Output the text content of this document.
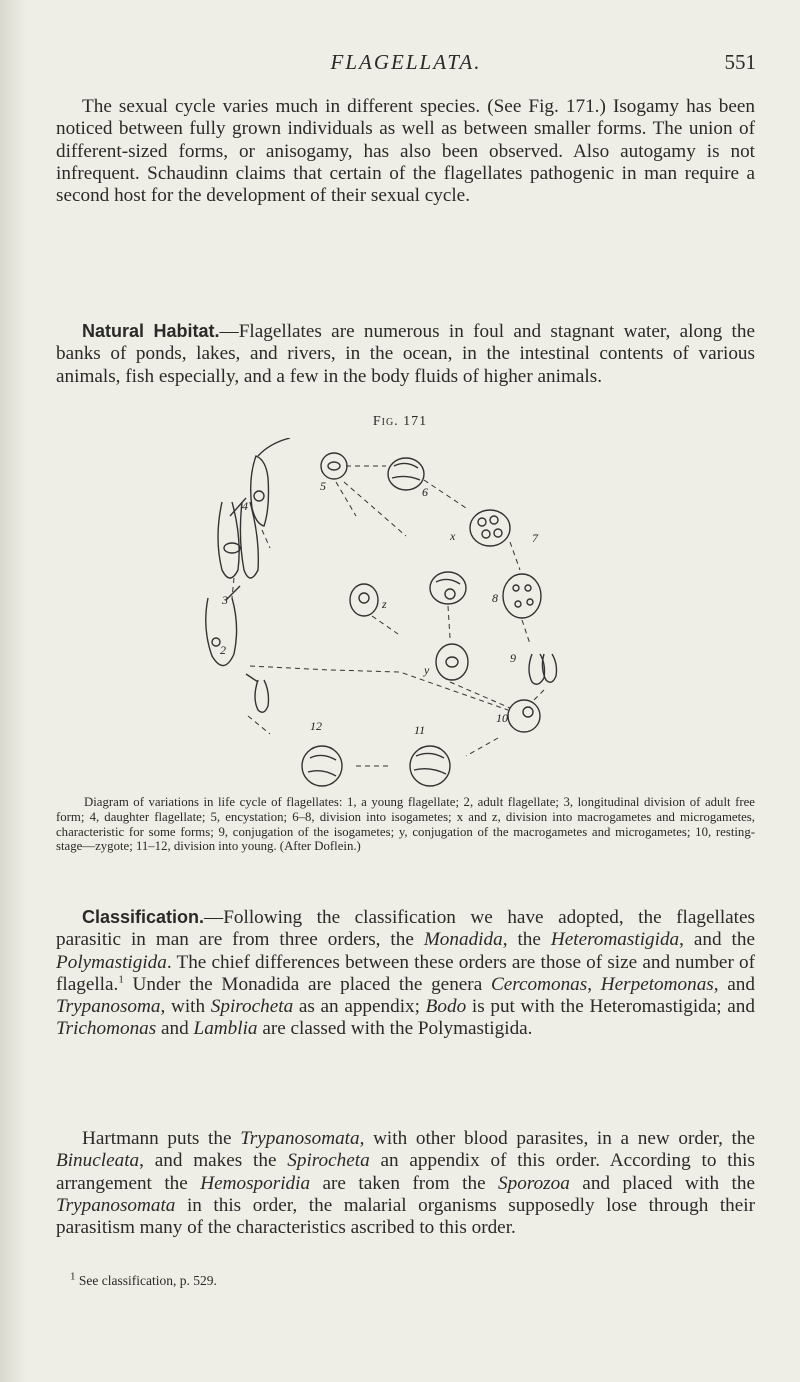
FLAGELLATA.	551

The sexual cycle varies much in different species. (See Fig. 171.) Isogamy has been noticed between fully grown individuals as well as between smaller forms. The union of different-sized forms, or anisogamy, has also been observed. Also autogamy is not infrequent. Schaudinn claims that certain of the flagellates pathogenic in man require a second host for the development of their sexual cycle.

Natural Habitat.—Flagellates are numerous in foul and stagnant water, along the banks of ponds, lakes, and rivers, in the ocean, in the intestinal contents of various animals, fish especially, and a few in the body fluids of higher animals.

Fig. 171
4
3
2
5	6
7
8
9
10
11
12
x
y
z
Diagram of variations in life cycle of flagellates: 1, a young flagellate; 2, adult flagellate; 3, longitudinal division of adult free form; 4, daughter flagellate; 5, encystation; 6–8, division into isogametes; x and z, division into macrogametes and microgametes, characteristic for some forms; 9, conjugation of the isogametes; y, conjugation of the macrogametes and microgametes; 10, resting-stage—zygote; 11–12, division into young. (After Doflein.)

Classification.—Following the classification we have adopted, the flagellates parasitic in man are from three orders, the Monadida, the Heteromastigida, and the Polymastigida. The chief differences between these orders are those of size and number of flagella.$^1$ Under the Monadida are placed the genera Cercomonas, Herpetomonas, and Trypanosoma, with Spirocheta as an appendix; Bodo is put with the Heteromastigida; and Trichomonas and Lamblia are classed with the Polymastigida.

Hartmann puts the Trypanosomata, with other blood parasites, in a new order, the Binucleata, and makes the Spirocheta an appendix of this order. According to this arrangement the Hemosporidia are taken from the Sporozoa and placed with the Trypanosomata in this order, the malarial organisms supposedly lose through their parasitism many of the characteristics ascribed to this order.

$^1$ See classification, p. 529.
